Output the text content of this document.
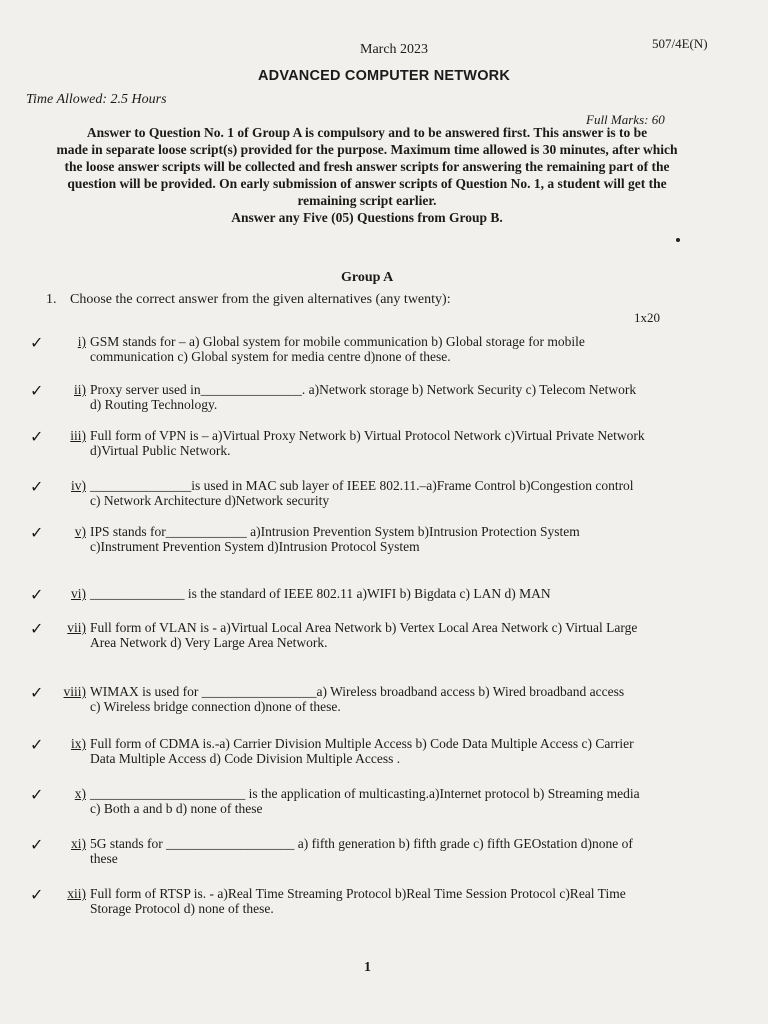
March 2023	507/4E(N)
ADVANCED COMPUTER NETWORK
Time Allowed: 2.5 Hours
Full Marks: 60
Answer to Question No. 1 of Group A is compulsory and to be answered first. This answer is to be
made in separate loose script(s) provided for the purpose. Maximum time allowed is 30 minutes, after which
the loose answer scripts will be collected and fresh answer scripts for answering the remaining part of the
question will be provided. On early submission of answer scripts of Question No. 1, a student will get the
remaining script earlier.
Answer any Five (05) Questions from Group B.
Group A
1. Choose the correct answer from the given alternatives (any twenty):
1x20
✓	i) GSM stands for – a) Global system for mobile communication b) Global storage for mobile
communication c) Global system for media centre d)none of these.
✓	ii) Proxy server used in_______________. a)Network storage b) Network Security c) Telecom Network
d) Routing Technology.
✓	iii) Full form of VPN is – a)Virtual Proxy Network b) Virtual Protocol Network c)Virtual Private Network
d)Virtual Public Network.
✓	iv) _______________is used in MAC sub layer of IEEE 802.11.–a)Frame Control b)Congestion control
c) Network Architecture d)Network security
✓	v) IPS stands for____________ a)Intrusion Prevention System b)Intrusion Protection System
c)Instrument Prevention System d)Intrusion Protocol System
✓	vi) ______________ is the standard of IEEE 802.11 a)WIFI b) Bigdata c) LAN d) MAN
✓	vii) Full form of VLAN is - a)Virtual Local Area Network b) Vertex Local Area Network c) Virtual Large
Area Network d) Very Large Area Network.
✓	viii) WIMAX is used for _________________a) Wireless broadband access b) Wired broadband access
c) Wireless bridge connection d)none of these.
✓	ix) Full form of CDMA is.-a) Carrier Division Multiple Access b) Code Data Multiple Access c) Carrier
Data Multiple Access d) Code Division Multiple Access .
✓	x) _______________________ is the application of multicasting.a)Internet protocol b) Streaming media
c) Both a and b d) none of these
✓	xi) 5G stands for ___________________ a) fifth generation b) fifth grade c) fifth GEOstation d)none of
these
✓	xii) Full form of RTSP is. - a)Real Time Streaming Protocol b)Real Time Session Protocol c)Real Time
Storage Protocol d) none of these.
1
